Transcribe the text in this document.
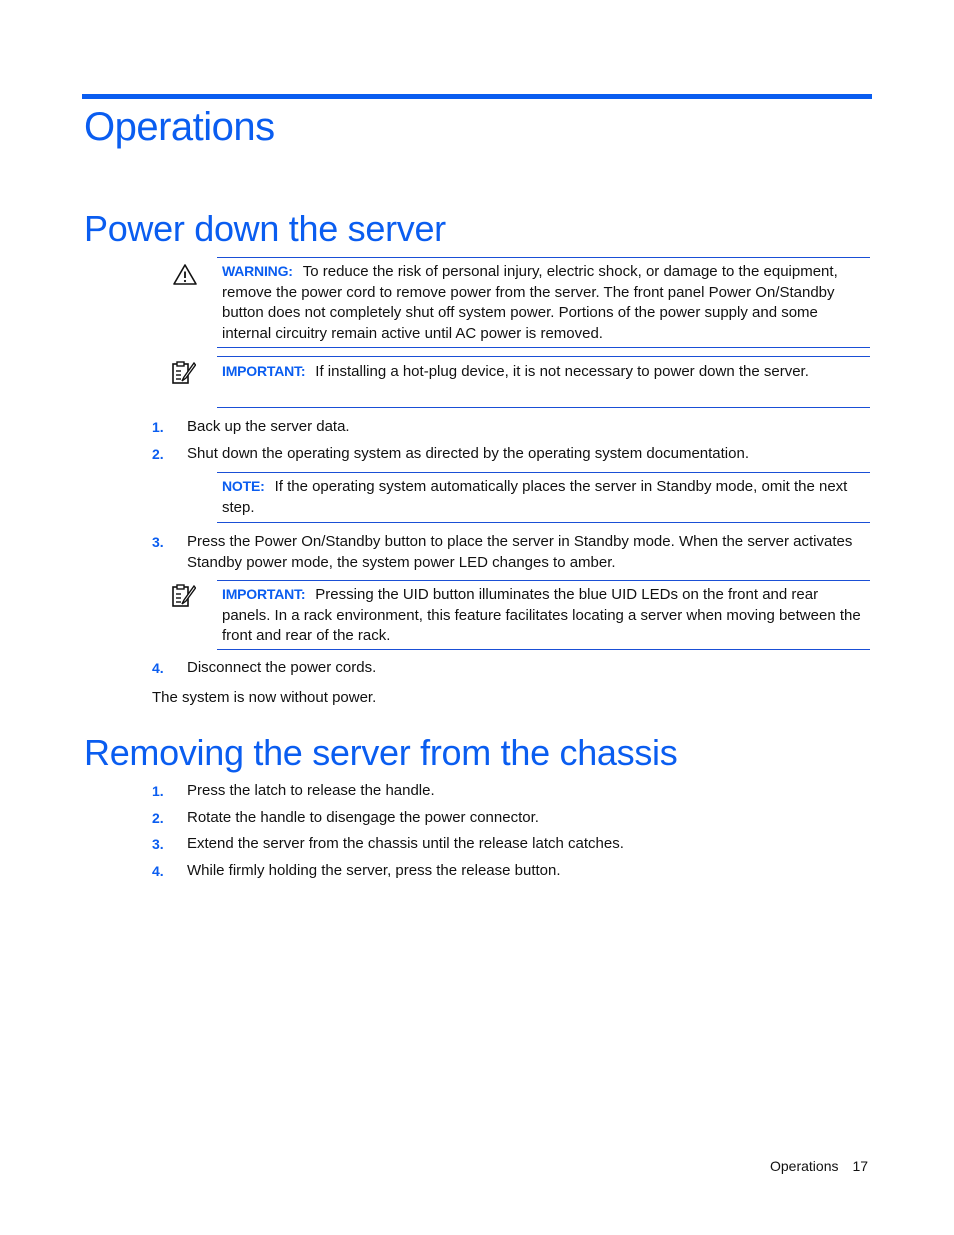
Operations
Power down the server
WARNING: To reduce the risk of personal injury, electric shock, or damage to the equipment, remove the power cord to remove power from the server. The front panel Power On/Standby button does not completely shut off system power. Portions of the power supply and some internal circuitry remain active until AC power is removed.
IMPORTANT: If installing a hot-plug device, it is not necessary to power down the server.
1. Back up the server data.
2. Shut down the operating system as directed by the operating system documentation.
NOTE: If the operating system automatically places the server in Standby mode, omit the next step.
3. Press the Power On/Standby button to place the server in Standby mode. When the server activates Standby power mode, the system power LED changes to amber.
IMPORTANT: Pressing the UID button illuminates the blue UID LEDs on the front and rear panels. In a rack environment, this feature facilitates locating a server when moving between the front and rear of the rack.
4. Disconnect the power cords.
The system is now without power.
Removing the server from the chassis
1. Press the latch to release the handle.
2. Rotate the handle to disengage the power connector.
3. Extend the server from the chassis until the release latch catches.
4. While firmly holding the server, press the release button.
Operations 17
